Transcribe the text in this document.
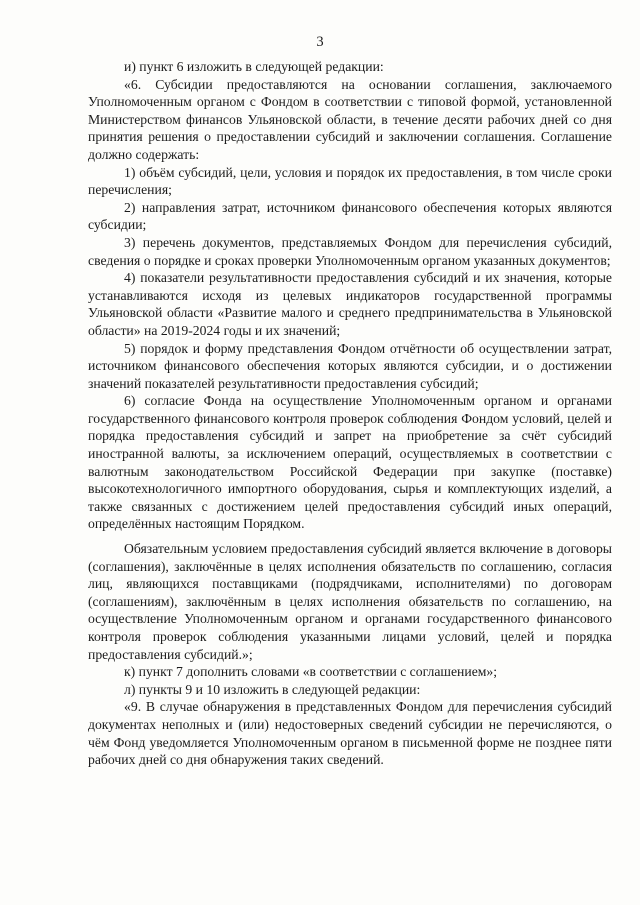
3

и) пункт 6 изложить в следующей редакции:

«6. Субсидии предоставляются на основании соглашения, заключаемого Уполномоченным органом с Фондом в соответствии с типовой формой, установленной Министерством финансов Ульяновской области, в течение десяти рабочих дней со дня принятия решения о предоставлении субсидий и заключении соглашения. Соглашение должно содержать:

1) объём субсидий, цели, условия и порядок их предоставления, в том числе сроки перечисления;

2) направления затрат, источником финансового обеспечения которых являются субсидии;

3) перечень документов, представляемых Фондом для перечисления субсидий, сведения о порядке и сроках проверки Уполномоченным органом указанных документов;

4) показатели результативности предоставления субсидий и их значения, которые устанавливаются исходя из целевых индикаторов государственной программы Ульяновской области «Развитие малого и среднего предпринимательства в Ульяновской области» на 2019-2024 годы и их значений;

5) порядок и форму представления Фондом отчётности об осуществлении затрат, источником финансового обеспечения которых являются субсидии, и о достижении значений показателей результативности предоставления субсидий;

6) согласие Фонда на осуществление Уполномоченным органом и органами государственного финансового контроля проверок соблюдения Фондом условий, целей и порядка предоставления субсидий и запрет на приобретение за счёт субсидий иностранной валюты, за исключением операций, осуществляемых в соответствии с валютным законодательством Российской Федерации при закупке (поставке) высокотехнологичного импортного оборудования, сырья и комплектующих изделий, а также связанных с достижением целей предоставления субсидий иных операций, определённых настоящим Порядком.

Обязательным условием предоставления субсидий является включение в договоры (соглашения), заключённые в целях исполнения обязательств по соглашению, согласия лиц, являющихся поставщиками (подрядчиками, исполнителями) по договорам (соглашениям), заключённым в целях исполнения обязательств по соглашению, на осуществление Уполномоченным органом и органами государственного финансового контроля проверок соблюдения указанными лицами условий, целей и порядка предоставления субсидий.»;

к) пункт 7 дополнить словами «в соответствии с соглашением»;

л) пункты 9 и 10 изложить в следующей редакции:

«9. В случае обнаружения в представленных Фондом для перечисления субсидий документах неполных и (или) недостоверных сведений субсидии не перечисляются, о чём Фонд уведомляется Уполномоченным органом в письменной форме не позднее пяти рабочих дней со дня обнаружения таких сведений.
